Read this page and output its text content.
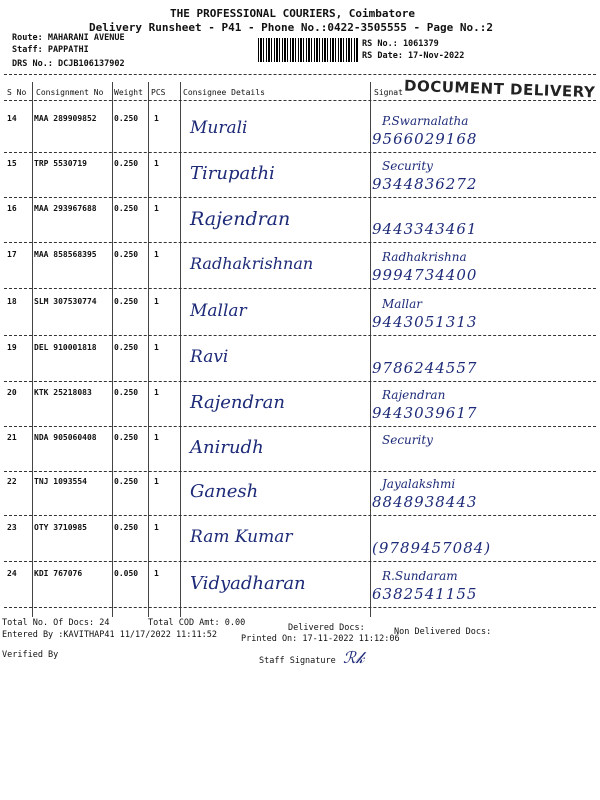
THE PROFESSIONAL COURIERS, Coimbatore
Delivery Runsheet - P41 - Phone No.:0422-3505555 - Page No.:2
Route: MAHARANI AVENUE
Staff: PAPPATHI
DRS No.: DCJB106137902
RS No.: 1061379
RS Date: 17-Nov-2022
S No Consignment No Weight PCS Consignee Details	Signat DOCUMENT DELIVERY
14 MAA 289909852 0.250 1 Murali	P.Swarnalatha
9566029168
15 TRP 5530719	0.250 1 Tirupathi	Security
9344836272
16 MAA 293967688 0.250 1 Rajendran	9443343461
17 MAA 858568395 0.250 1 Radhakrishnan	Radhakrishna
9994734400
18 SLM 307530774 0.250 1 Mallar	Mallar
9443051313
19 DEL 910001818 0.250 1 Ravi
9786244557
20 KTK 25218083	0.250 1 Rajendran	Rajendran
9443039617
21 NDA 905060408 0.250 1 Anirudh	Security
22 TNJ 1093554	0.250 1 Ganesh	Jayalakshmi
8848938443
23 OTY 3710985	0.250 1 Ram Kumar
(9789457084)
24 KDI 767076	0.050 1 Vidyadharan	R.Sundaram
6382541155
Total No. Of Docs: 24	Total COD Amt: 0.00	Delivered Docs:	Non Delivered Docs:
Entered By :KAVITHAP41 11/17/2022 11:11:52	Printed On: 17-11-2022 11:12:06
Verified By
Staff Signature ℛ𝓀
